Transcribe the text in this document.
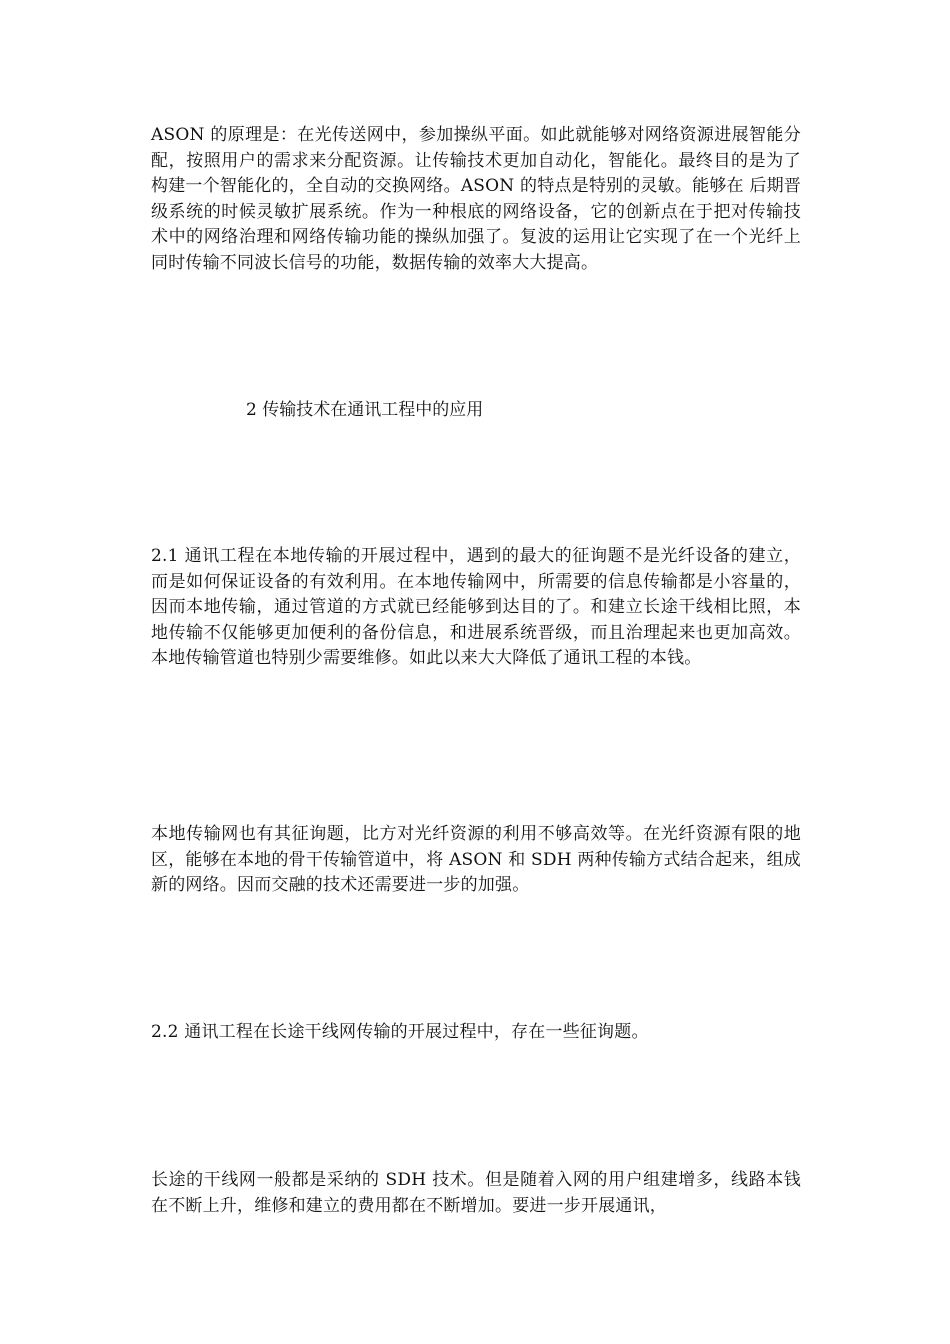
ASON 的原理是：在光传送网中，参加操纵平面。如此就能够对网络资源进展智能分配，按照用户的需求来分配资源。让传输技术更加自动化，智能化。最终目的是为了构建一个智能化的，全自动的交换网络。ASON 的特点是特别的灵敏。能够在 后期晋级系统的时候灵敏扩展系统。作为一种根底的网络设备，它的创新点在于把对传输技术中的网络治理和网络传输功能的操纵加强了。复波的运用让它实现了在一个光纤上同时传输不同波长信号的功能，数据传输的效率大大提高。

2 传输技术在通讯工程中的应用

2.1 通讯工程在本地传输的开展过程中，遇到的最大的征询题不是光纤设备的建立，而是如何保证设备的有效利用。在本地传输网中，所需要的信息传输都是小容量的，因而本地传输，通过管道的方式就已经能够到达目的了。和建立长途干线相比照，本地传输不仅能够更加便利的备份信息，和进展系统晋级，而且治理起来也更加高效。本地传输管道也特别少需要维修。如此以来大大降低了通讯工程的本钱。

本地传输网也有其征询题，比方对光纤资源的利用不够高效等。在光纤资源有限的地区，能够在本地的骨干传输管道中，将 ASON 和 SDH 两种传输方式结合起来，组成新的网络。因而交融的技术还需要进一步的加强。

2.2 通讯工程在长途干线网传输的开展过程中，存在一些征询题。

长途的干线网一般都是采纳的 SDH 技术。但是随着入网的用户组建增多，线路本钱在不断上升，维修和建立的费用都在不断增加。要进一步开展通讯，
